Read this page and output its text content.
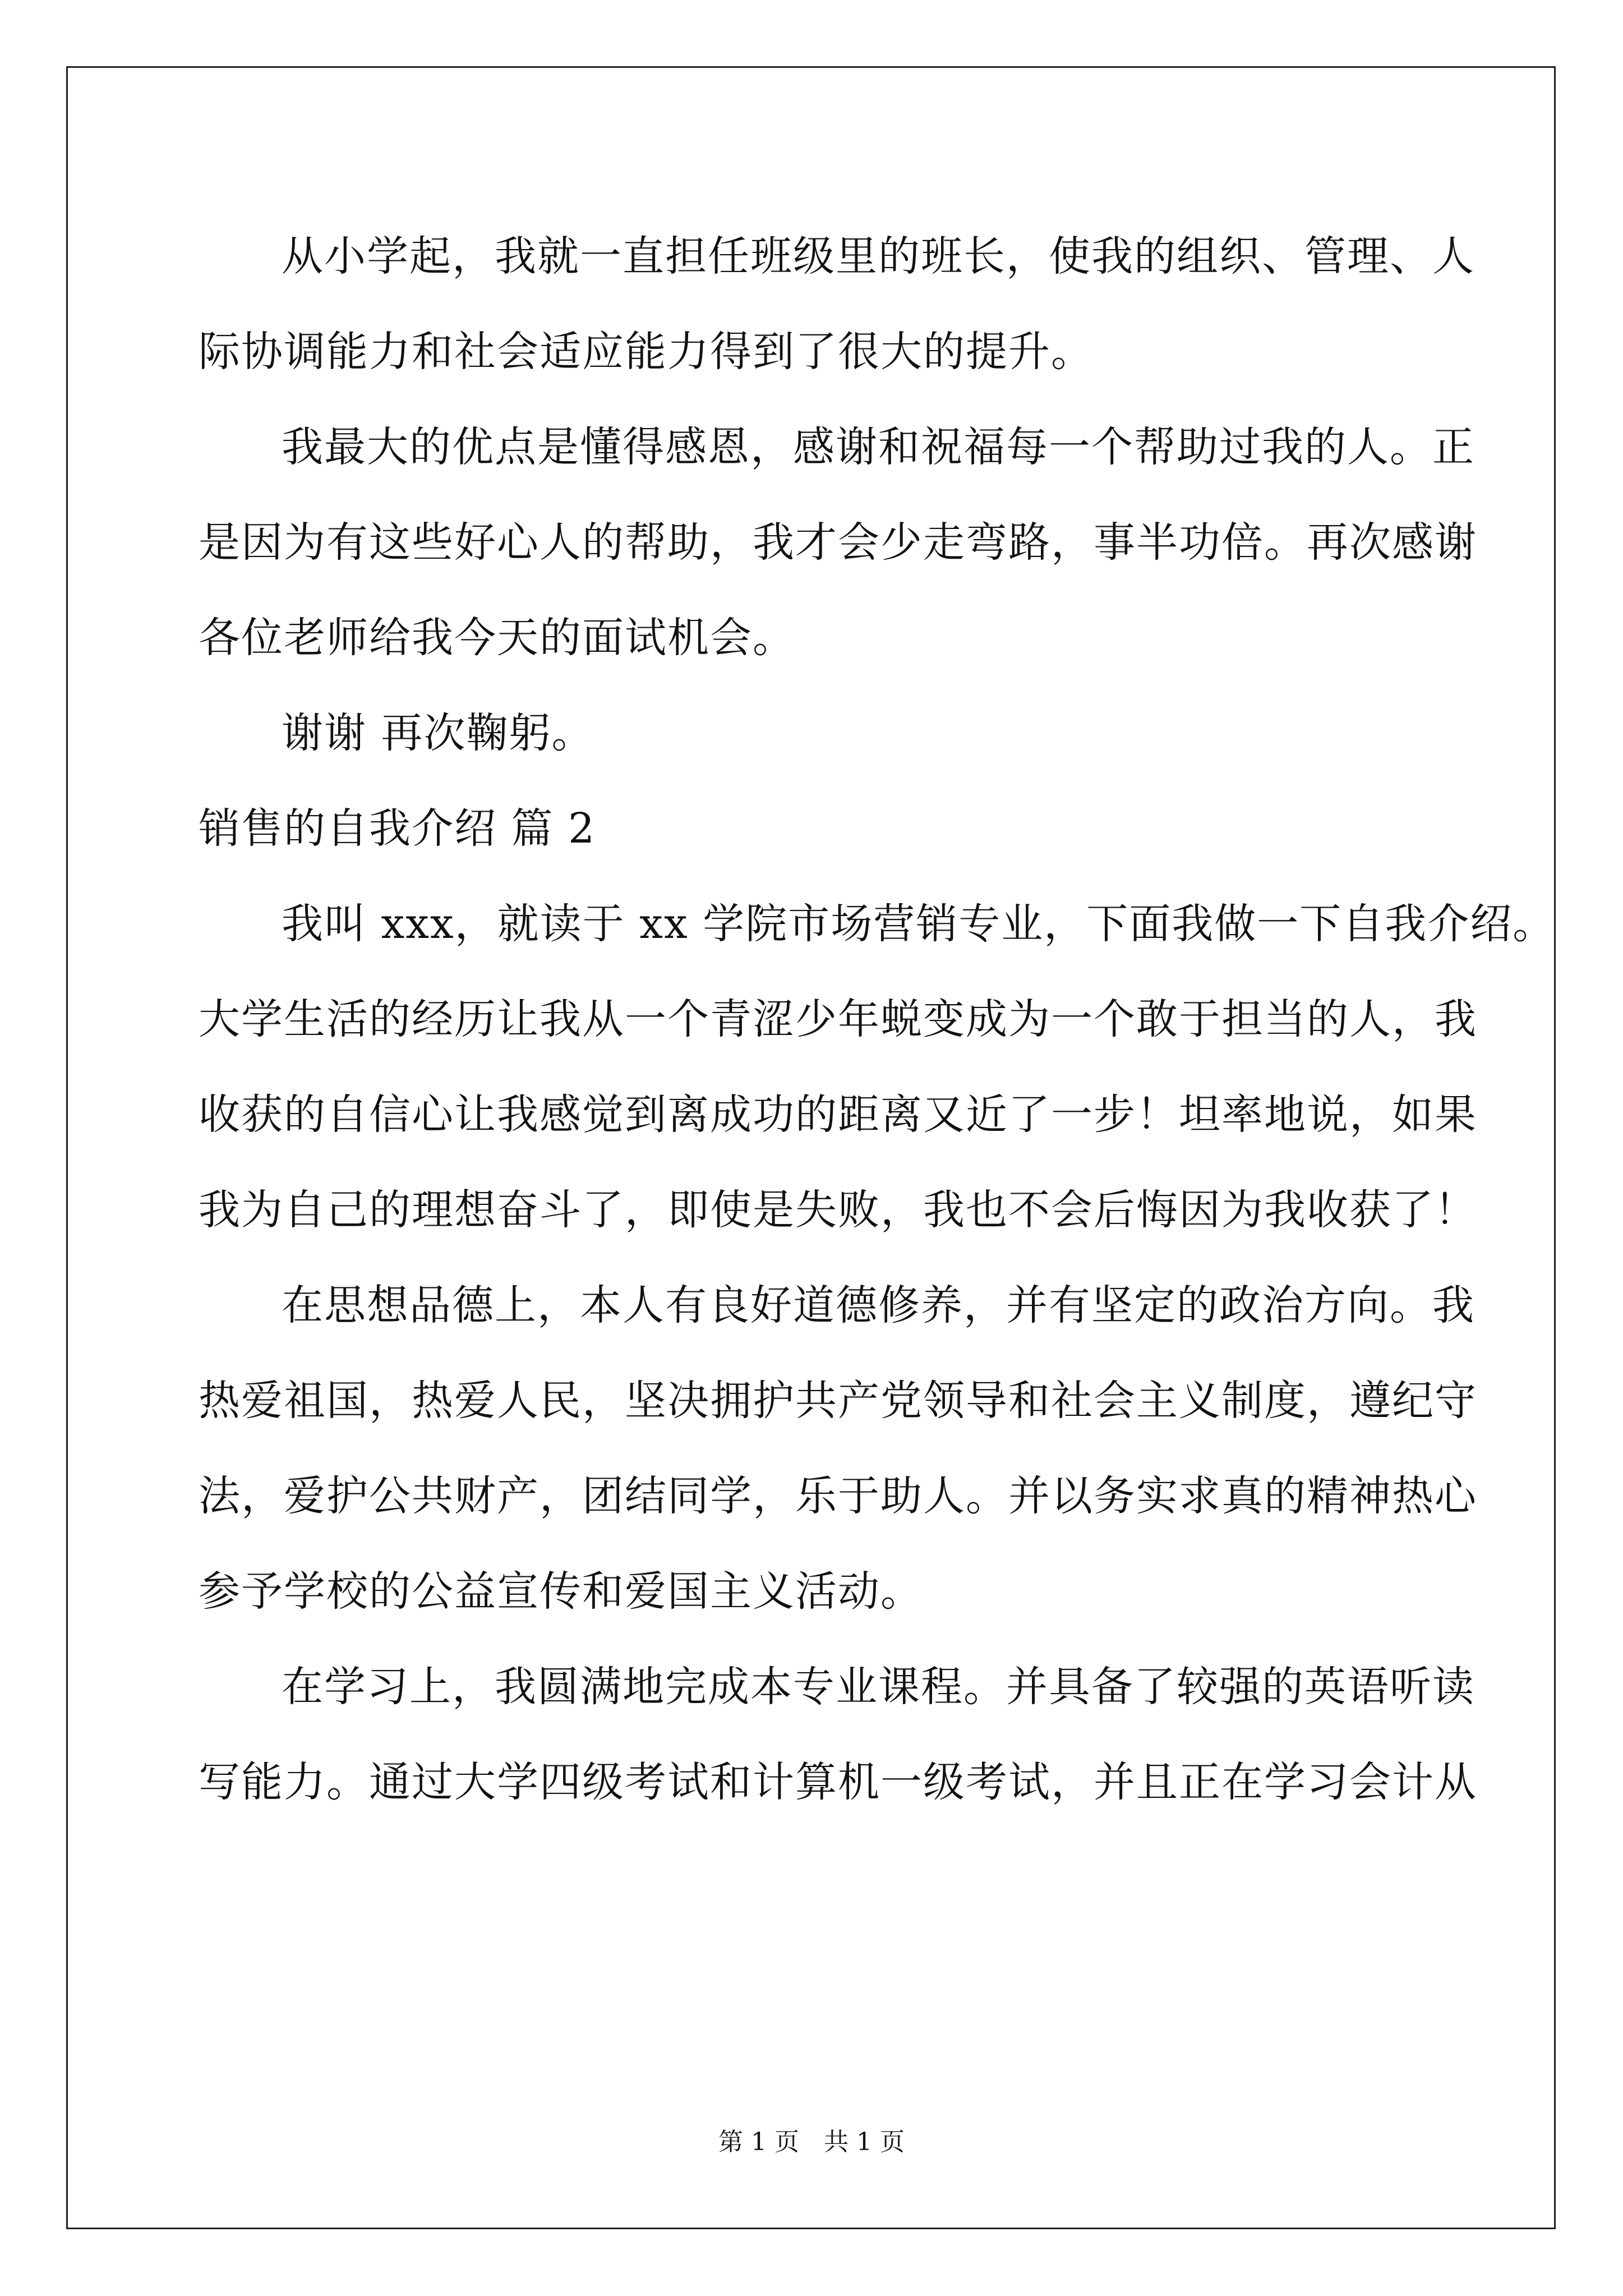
从小学起，我就一直担任班级里的班长，使我的组织、管理、人
际协调能力和社会适应能力得到了很大的提升。
我最大的优点是懂得感恩，感谢和祝福每一个帮助过我的人。正
是因为有这些好心人的帮助，我才会少走弯路，事半功倍。再次感谢
各位老师给我今天的面试机会。
谢谢 再次鞠躬。
销售的自我介绍 篇 2
我叫 xxx，就读于 xx 学院市场营销专业，下面我做一下自我介绍。
大学生活的经历让我从一个青涩少年蜕变成为一个敢于担当的人，我
收获的自信心让我感觉到离成功的距离又近了一步！坦率地说，如果
我为自己的理想奋斗了，即使是失败，我也不会后悔因为我收获了！
在思想品德上，本人有良好道德修养，并有坚定的政治方向。我
热爱祖国，热爱人民，坚决拥护共产党领导和社会主义制度，遵纪守
法，爱护公共财产，团结同学，乐于助人。并以务实求真的精神热心
参予学校的公益宣传和爱国主义活动。
在学习上，我圆满地完成本专业课程。并具备了较强的英语听读
写能力。通过大学四级考试和计算机一级考试，并且正在学习会计从
第 1 页　共 1 页
